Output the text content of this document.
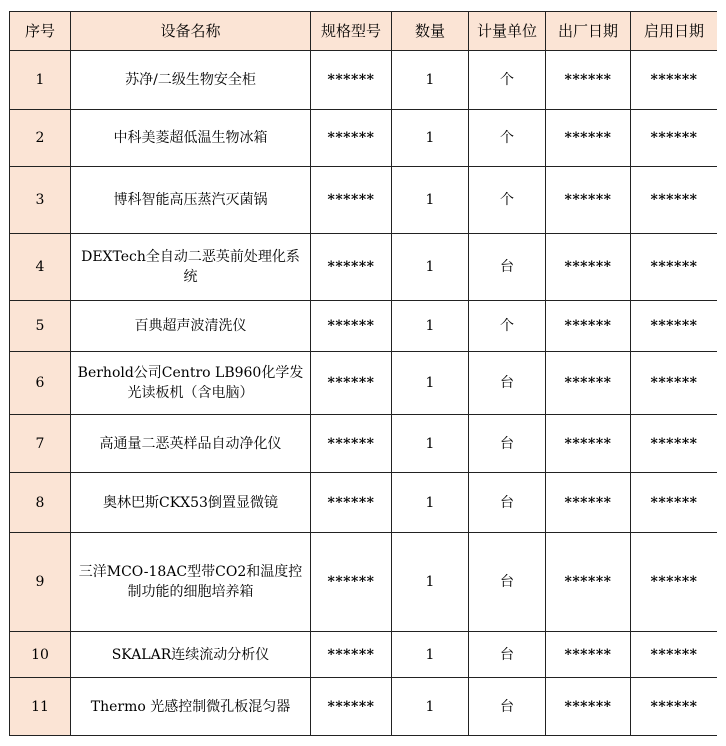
序号	设备名称	规格型号	数量	计量单位	出厂日期	启用日期
1	苏净/二级生物安全柜	******	1	个	******	******
2	中科美菱超低温生物冰箱	******	1	个	******	******
3	博科智能高压蒸汽灭菌锅	******	1	个	******	******
4	DEXTech全自动二恶英前处理化系统	******	1	台	******	******
5	百典超声波清洗仪	******	1	个	******	******
6	Berhold公司Centro LB960化学发光读板机（含电脑）	******	1	台	******	******
7	高通量二恶英样品自动净化仪	******	1	台	******	******
8	奥林巴斯CKX53倒置显微镜	******	1	台	******	******
9	三洋MCO-18AC型带CO2和温度控制功能的细胞培养箱	******	1	台	******	******
10	SKALAR连续流动分析仪	******	1	台	******	******
11	Thermo 光感控制微孔板混匀器	******	1	台	******	******
